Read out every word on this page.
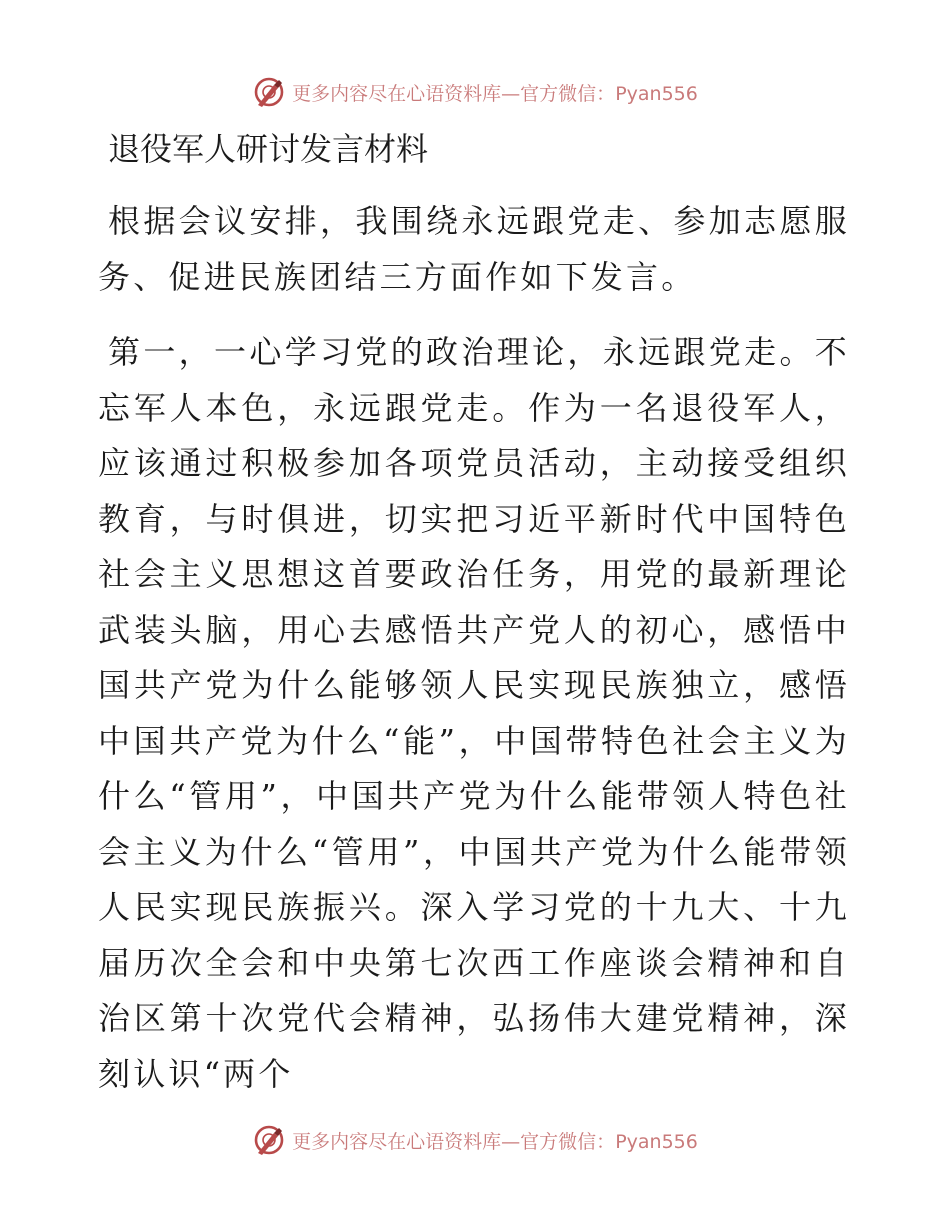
更多内容尽在心语资料库—官方微信：Pyan556
退役军人研讨发言材料

根据会议安排，我围绕永远跟党走、参加志愿服务、促进民族团结三方面作如下发言。

第一，一心学习党的政治理论，永远跟党走。不忘军人本色，永远跟党走。作为一名退役军人，应该通过积极参加各项党员活动，主动接受组织教育，与时俱进，切实把习近平新时代中国特色社会主义思想这首要政治任务，用党的最新理论武装头脑，用心去感悟共产党人的初心，感悟中国共产党为什么能够领人民实现民族独立，感悟中国共产党为什么“能”，中国带特色社会主义为什么“管用”，中国共产党为什么能带领人特色社会主义为什么“管用”，中国共产党为什么能带领人民实现民族振兴。深入学习党的十九大、十九届历次全会和中央第七次西工作座谈会精神和自治区第十次党代会精神，弘扬伟大建党精神，深刻认识“两个

更多内容尽在心语资料库—官方微信：Pyan556
